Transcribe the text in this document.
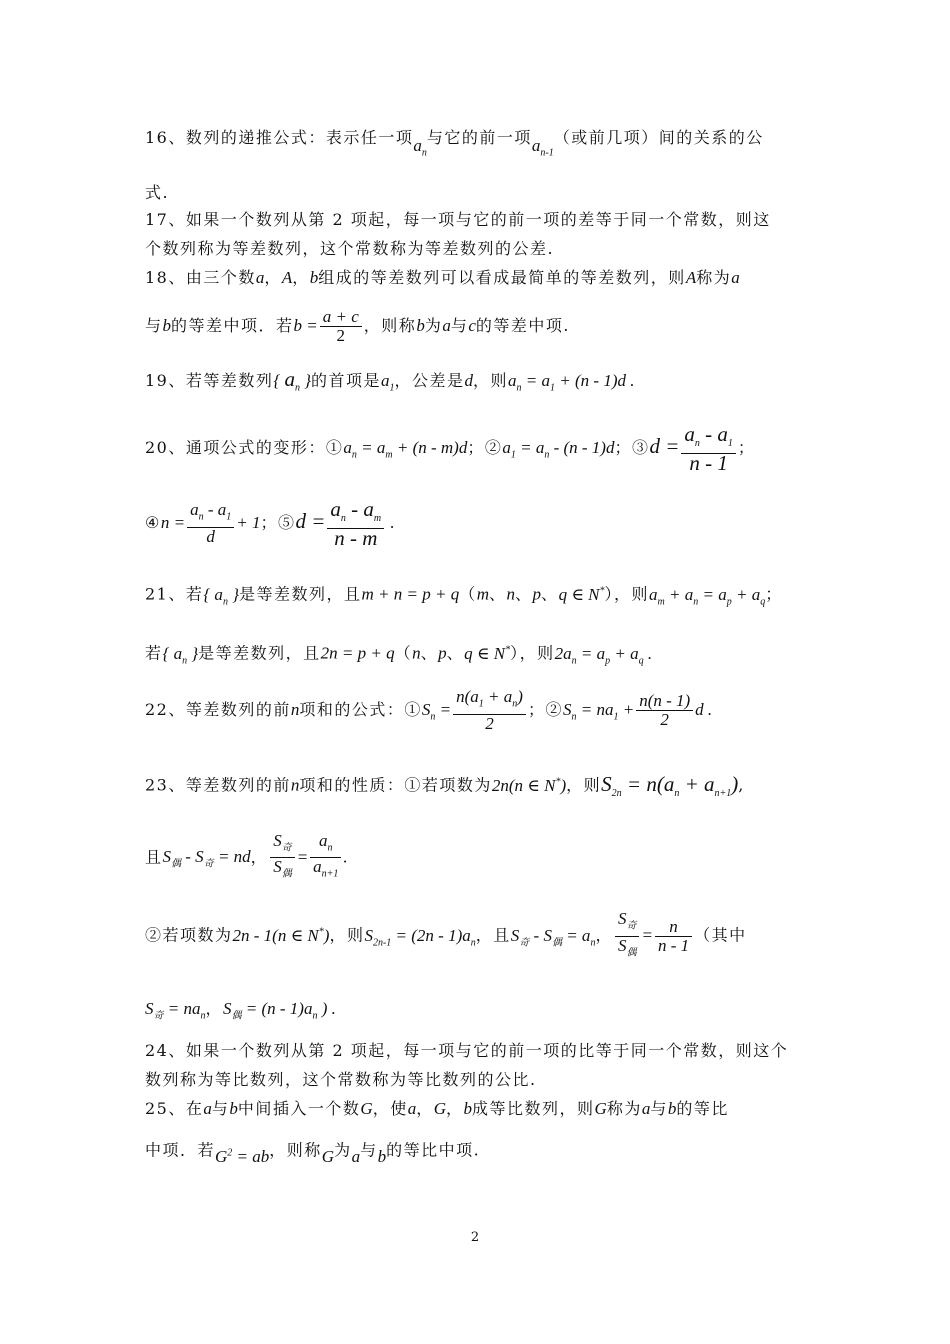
16、数列的递推公式：表示任一项$a_n$与它的前一项$a_{n-1}$（或前几项）间的关系的公
式.
17、如果一个数列从第 2 项起，每一项与它的前一项的差等于同一个常数，则这
个数列称为等差数列，这个常数称为等差数列的公差.
18、由三个数a，A，b组成的等差数列可以看成最简单的等差数列，则A称为a
与b的等差中项．若$b = \frac{a + c}{2}$ ，则称b为a与c的等差中项.
19、若等差数列{ $a_n$ }的首项是$a_1$，公差是d，则$a_n = a_1 + (n - 1)d$ .
20、通项公式的变形：$①a_n = a_m + (n - m)d$；$②a_1 = a_n - (n - 1)d$；③d = $\frac{a_n - a_1}{n - 1}$ ；
④n = $\frac{a_n - a_1}{d} + 1$；⑤d = $\frac{a_n - a_m}{n - m}$ .
21、若{ $a_n$ }是等差数列，且m + n = p + q（m、n、p、q ∈ N*），则$a_m + a_n = a_p + a_q$；
若{ $a_n$ }是等差数列，且2n = p + q（n、p、q ∈ N*），则$2a_n = a_p + a_q$ .
22、等差数列的前n项和的公式：$①S_n = \frac{n(a_1 + a_n)}{2}$ ；$②S_n = na_1 + \frac{n(n - 1)}{2}$ d .
23、等差数列的前n项和的性质：①若项数为2n(n ∈ N*)，则$S_{2n} = n(a_n + a_{n+1})$,
且$S_偶 - S_奇$ = nd， $\frac{S_奇}{S_偶} = \frac{a_n}{a_{n+1}}$ .
②若项数为2n - 1(n ∈ N*)，则$S_{2n-1} = (2n - 1)a_n$，且$S_奇 - S_偶 = a_n$， $\frac{S_奇}{S_偶} = \frac{n}{n - 1}$ （其中
$S_奇 = na_n$，$S_偶 = (n - 1)a_n$ ) .
24、如果一个数列从第 2 项起，每一项与它的前一项的比等于同一个常数，则这个
数列称为等比数列，这个常数称为等比数列的公比.
25、在a与b中间插入一个数G，使a，G，b成等比数列，则G称为a与b的等比
中项．若$G^2$ = ab，则称G为a与b的等比中项.
2
